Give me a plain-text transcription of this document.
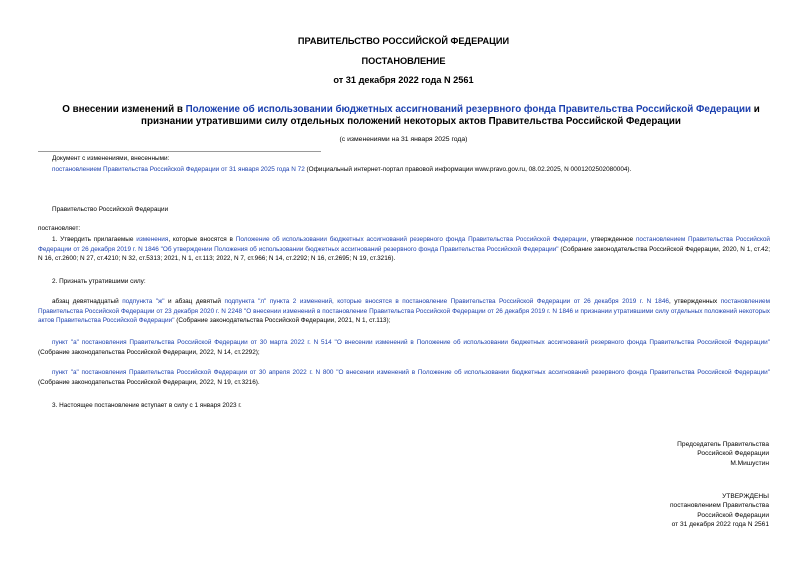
ПРАВИТЕЛЬСТВО РОССИЙСКОЙ ФЕДЕРАЦИИ
ПОСТАНОВЛЕНИЕ
от 31 декабря 2022 года N 2561
О внесении изменений в Положение об использовании бюджетных ассигнований резервного фонда Правительства Российской Федерации и признании утратившими силу отдельных положений некоторых актов Правительства Российской Федерации
(с изменениями на 31 января 2025 года)
Документ с изменениями, внесенными:
постановлением Правительства Российской Федерации от 31 января 2025 года N 72 (Официальный интернет-портал правовой информации www.pravo.gov.ru, 08.02.2025, N 0001202502080004).
Правительство Российской Федерации
постановляет:
1. Утвердить прилагаемые изменения, которые вносятся в Положение об использовании бюджетных ассигнований резервного фонда Правительства Российской Федерации, утвержденное постановлением Правительства Российской Федерации от 26 декабря 2019 г. N 1846 "Об утверждении Положения об использовании бюджетных ассигнований резервного фонда Правительства Российской Федерации" (Собрание законодательства Российской Федерации, 2020, N 1, ст.42; N 16, ст.2600; N 27, ст.4210; N 32, ст.5313; 2021, N 1, ст.113; 2022, N 7, ст.966; N 14, ст.2292; N 16, ст.2695; N 19, ст.3216).
2. Признать утратившими силу:
абзац девятнадцатый подпункта "ж" и абзац девятый подпункта "л" пункта 2 изменений, которые вносятся в постановление Правительства Российской Федерации от 26 декабря 2019 г. N 1846, утвержденных постановлением Правительства Российской Федерации от 23 декабря 2020 г. N 2248 "О внесении изменений в постановление Правительства Российской Федерации от 26 декабря 2019 г. N 1846 и признании утратившими силу отдельных положений некоторых актов Правительства Российской Федерации" (Собрание законодательства Российской Федерации, 2021, N 1, ст.113);
пункт "а" постановления Правительства Российской Федерации от 30 марта 2022 г. N 514 "О внесении изменений в Положение об использовании бюджетных ассигнований резервного фонда Правительства Российской Федерации" (Собрание законодательства Российской Федерации, 2022, N 14, ст.2292);
пункт "а" постановления Правительства Российской Федерации от 30 апреля 2022 г. N 800 "О внесении изменений в Положение об использовании бюджетных ассигнований резервного фонда Правительства Российской Федерации" (Собрание законодательства Российской Федерации, 2022, N 19, ст.3216).
3. Настоящее постановление вступает в силу с 1 января 2023 г.
Председатель Правительства
Российской Федерации
М.Мишустин
УТВЕРЖДЕНЫ
постановлением Правительства
Российской Федерации
от 31 декабря 2022 года N 2561
